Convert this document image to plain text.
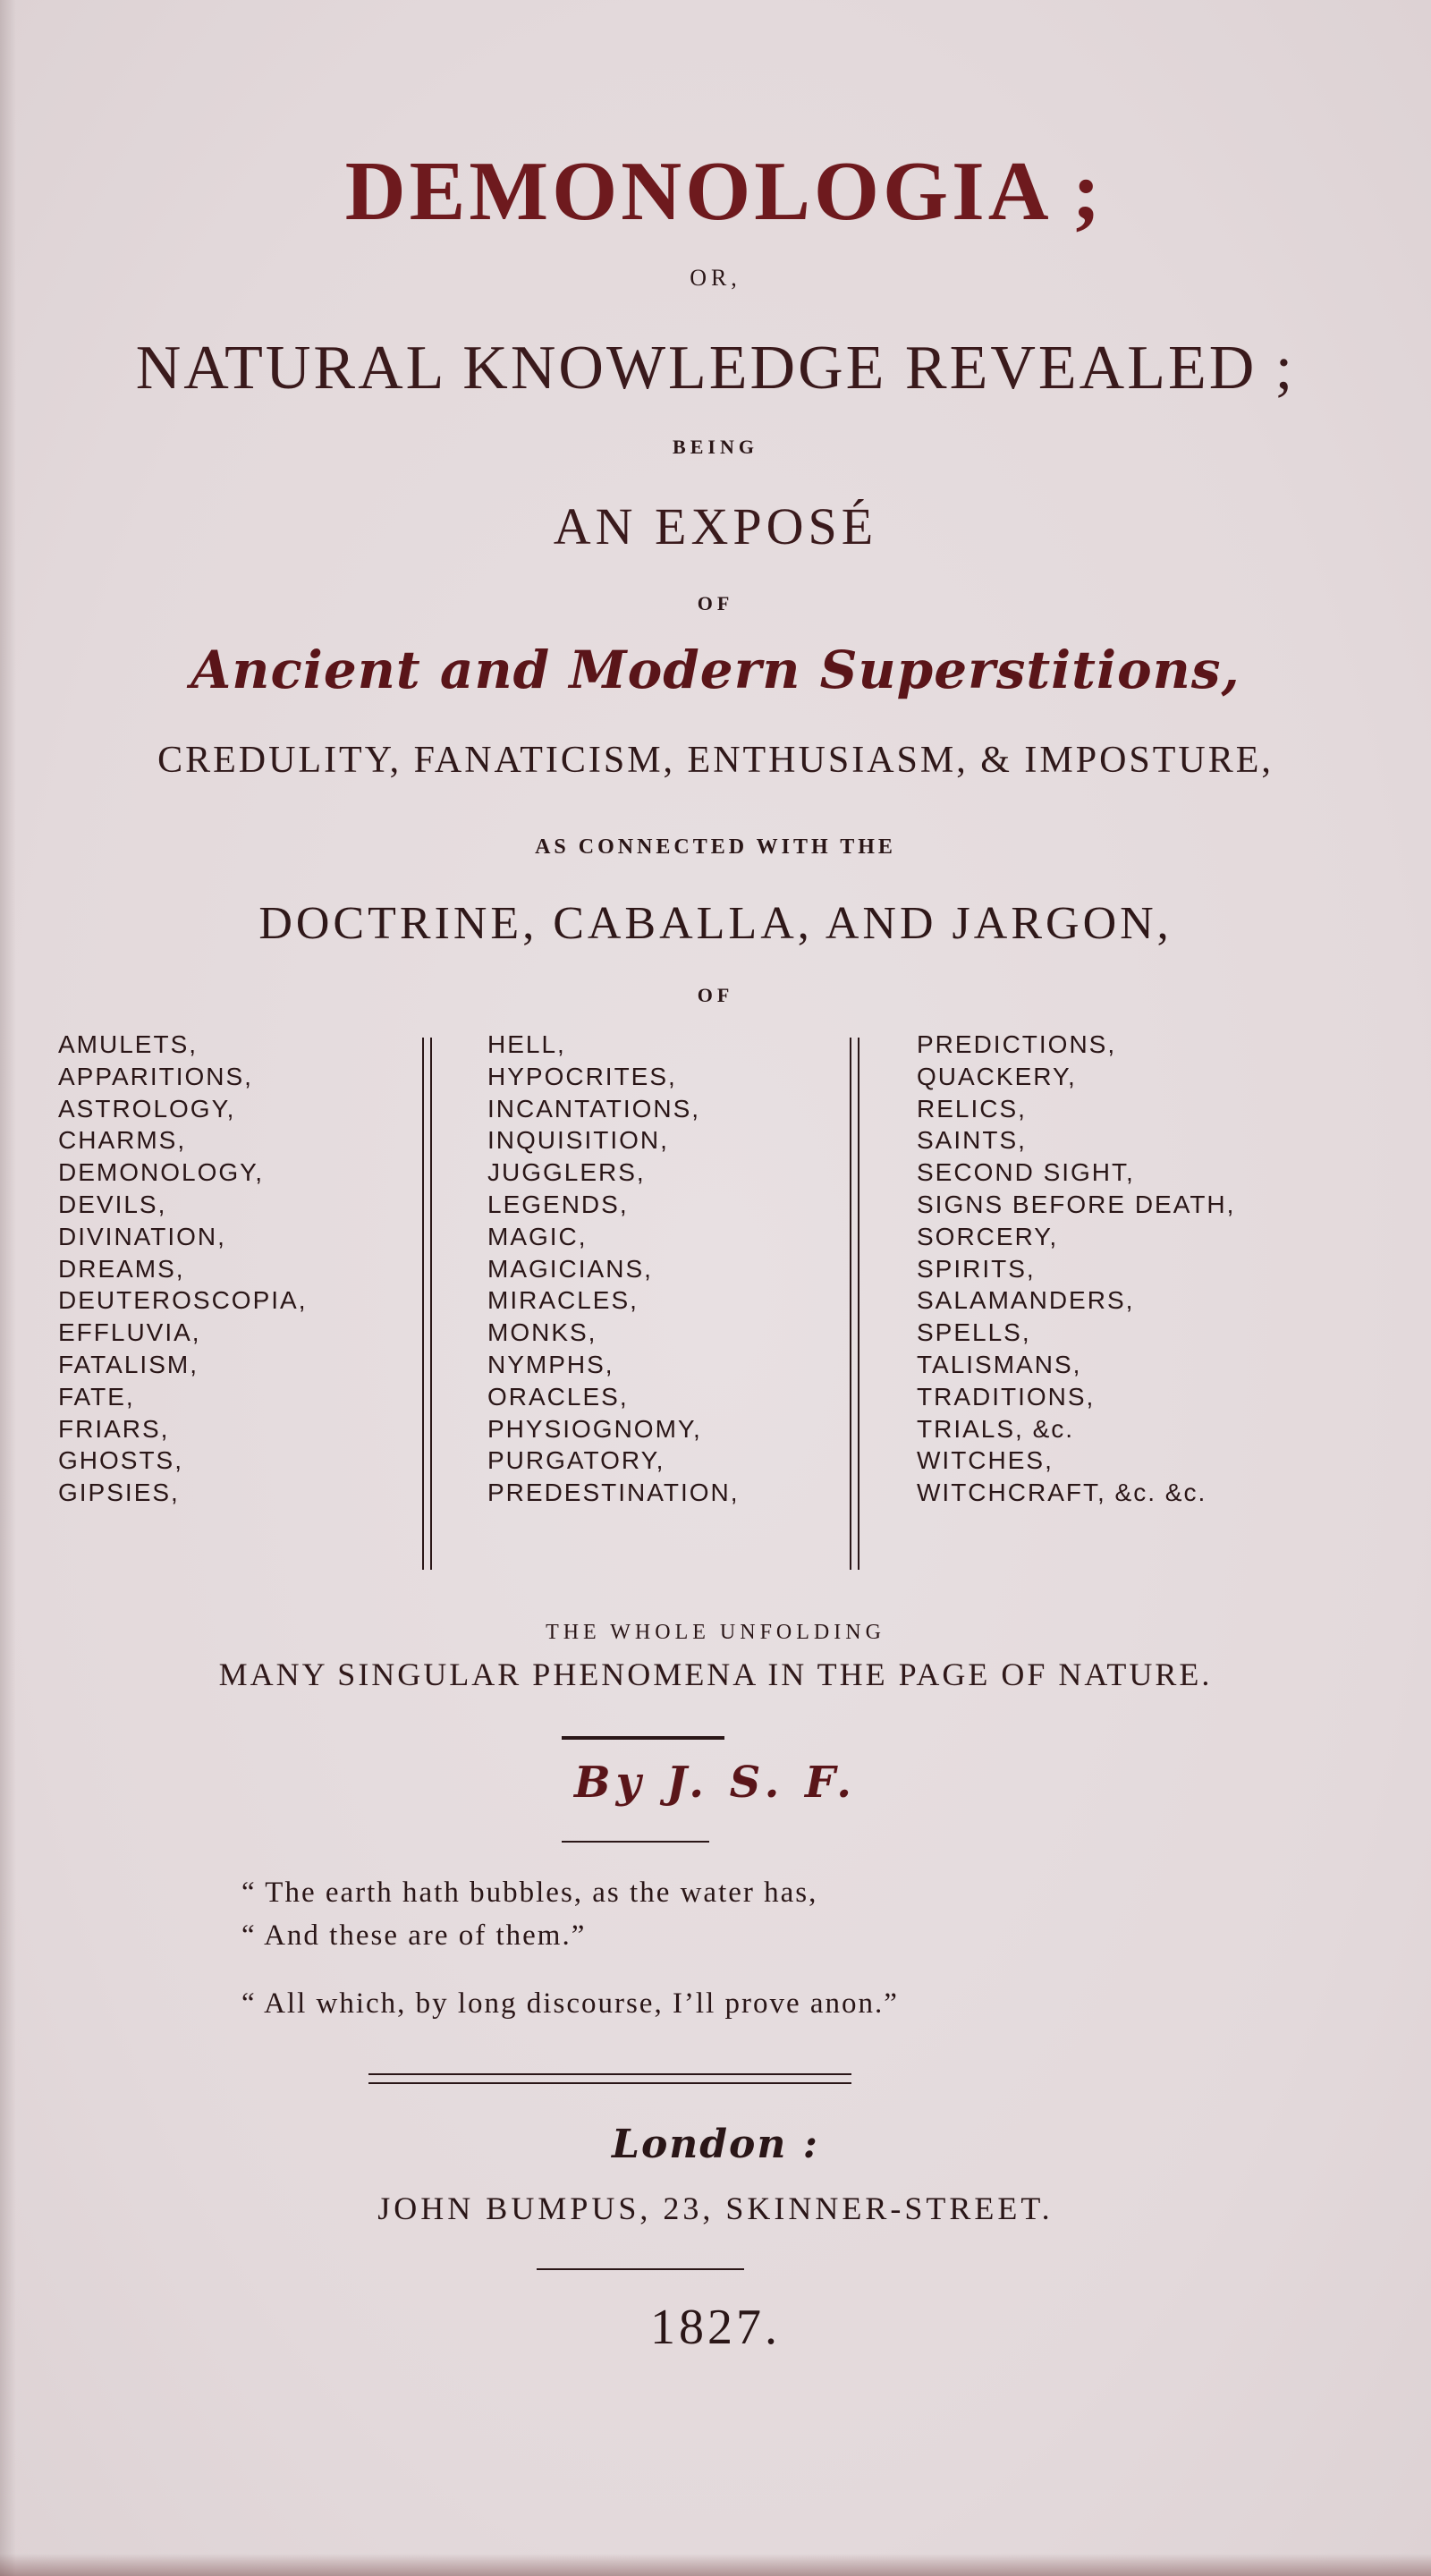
DEMONOLOGIA ;
OR,
NATURAL KNOWLEDGE REVEALED ;
BEING
AN EXPOSÉ
OF
Ancient and Modern Superstitions,
CREDULITY, FANATICISM, ENTHUSIASM, & IMPOSTURE,
AS CONNECTED WITH THE
DOCTRINE, CABALLA, AND JARGON,
OF
AMULETS,
APPARITIONS,
ASTROLOGY,
CHARMS,
DEMONOLOGY,
DEVILS,
DIVINATION,
DREAMS,
DEUTEROSCOPIA,
EFFLUVIA,
FATALISM,
FATE,
FRIARS,
GHOSTS,
GIPSIES,
HELL,
HYPOCRITES,
INCANTATIONS,
INQUISITION,
JUGGLERS,
LEGENDS,
MAGIC,
MAGICIANS,
MIRACLES,
MONKS,
NYMPHS,
ORACLES,
PHYSIOGNOMY,
PURGATORY,
PREDESTINATION,
PREDICTIONS,
QUACKERY,
RELICS,
SAINTS,
SECOND SIGHT,
SIGNS BEFORE DEATH,
SORCERY,
SPIRITS,
SALAMANDERS,
SPELLS,
TALISMANS,
TRADITIONS,
TRIALS, &c.
WITCHES,
WITCHCRAFT, &c. &c.
THE WHOLE UNFOLDING
MANY SINGULAR PHENOMENA IN THE PAGE OF NATURE.
By J. S. F.
“ The earth hath bubbles, as the water has,
“ And these are of them.”
“ All which, by long discourse, I’ll prove anon.”
London :
JOHN BUMPUS, 23, SKINNER-STREET.
1827.
